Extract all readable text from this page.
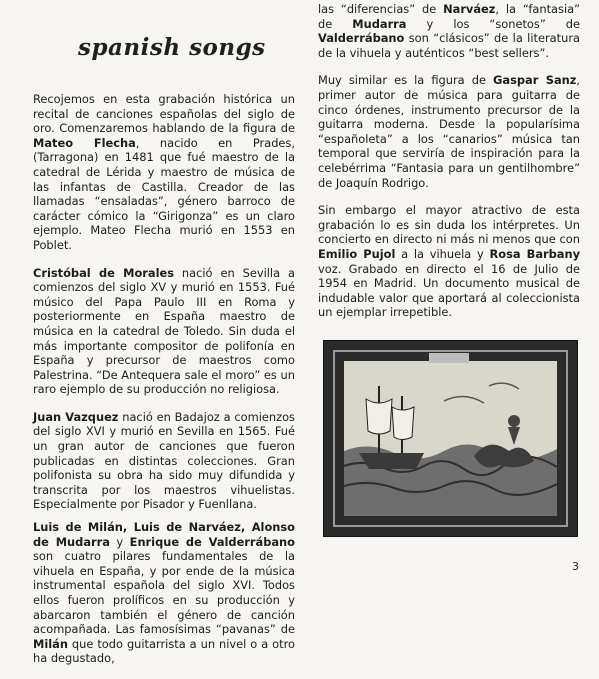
spanish songs

Recojemos en esta grabación histórica un recital de canciones españolas del siglo de oro. Comenzaremos hablando de la figura de Mateo Flecha, nacido en Prades, (Tarragona) en 1481 que fué maestro de la catedral de Lérida y maestro de música de las infantas de Castilla. Creador de las llamadas “ensaladas”, género barroco de carácter cómico la “Girigonza” es un claro ejemplo. Mateo Flecha murió en 1553 en Poblet.

Cristóbal de Morales nació en Sevilla a comienzos del siglo XV y murió en 1553. Fué músico del Papa Paulo III en Roma y posteriormente en España maestro de música en la catedral de Toledo. Sin duda el más importante compositor de polifonía en España y precursor de maestros como Palestrina. “De Antequera sale el moro” es un raro ejemplo de su producción no religiosa.

Juan Vazquez nació en Badajoz a comienzos del siglo XVI y murió en Sevilla en 1565. Fué un gran autor de canciones que fueron publicadas en distintas colecciones. Gran polifonista su obra ha sido muy difundida y transcrita por los maestros vihuelistas. Especialmente por Pisador y Fuenllana.

Luis de Milán, Luis de Narváez, Alonso de Mudarra y Enrique de Valderrábano son cuatro pilares fundamentales de la vihuela en España, y por ende de la música instrumental española del siglo XVI. Todos ellos fueron prolíficos en su producción y abarcaron también el género de canción acompañada. Las famosísimas “pavanas” de Milán que todo guitarrista a un nivel o a otro ha degustado,

las “diferencias” de Narváez, la “fantasia” de Mudarra y los “sonetos” de Valderrábano son “clásicos” de la literatura de la vihuela y auténticos “best sellers”.

Muy similar es la figura de Gaspar Sanz, primer autor de música para guitarra de cinco órdenes, instrumento precursor de la guitarra moderna. Desde la popularísima “españoleta” a los “canarios” música tan temporal que serviría de inspiración para la celebérrima “Fantasia para un gentilhombre” de Joaquín Rodrigo.

Sin embargo el mayor atractivo de esta grabación lo es sin duda los intérpretes. Un concierto en directo ni más ni menos que con Emilio Pujol a la vihuela y Rosa Barbany voz. Grabado en directo el 16 de Julio de 1954 en Madrid. Un documento musical de indudable valor que aportará al coleccionista un ejemplar irrepetible.

3
